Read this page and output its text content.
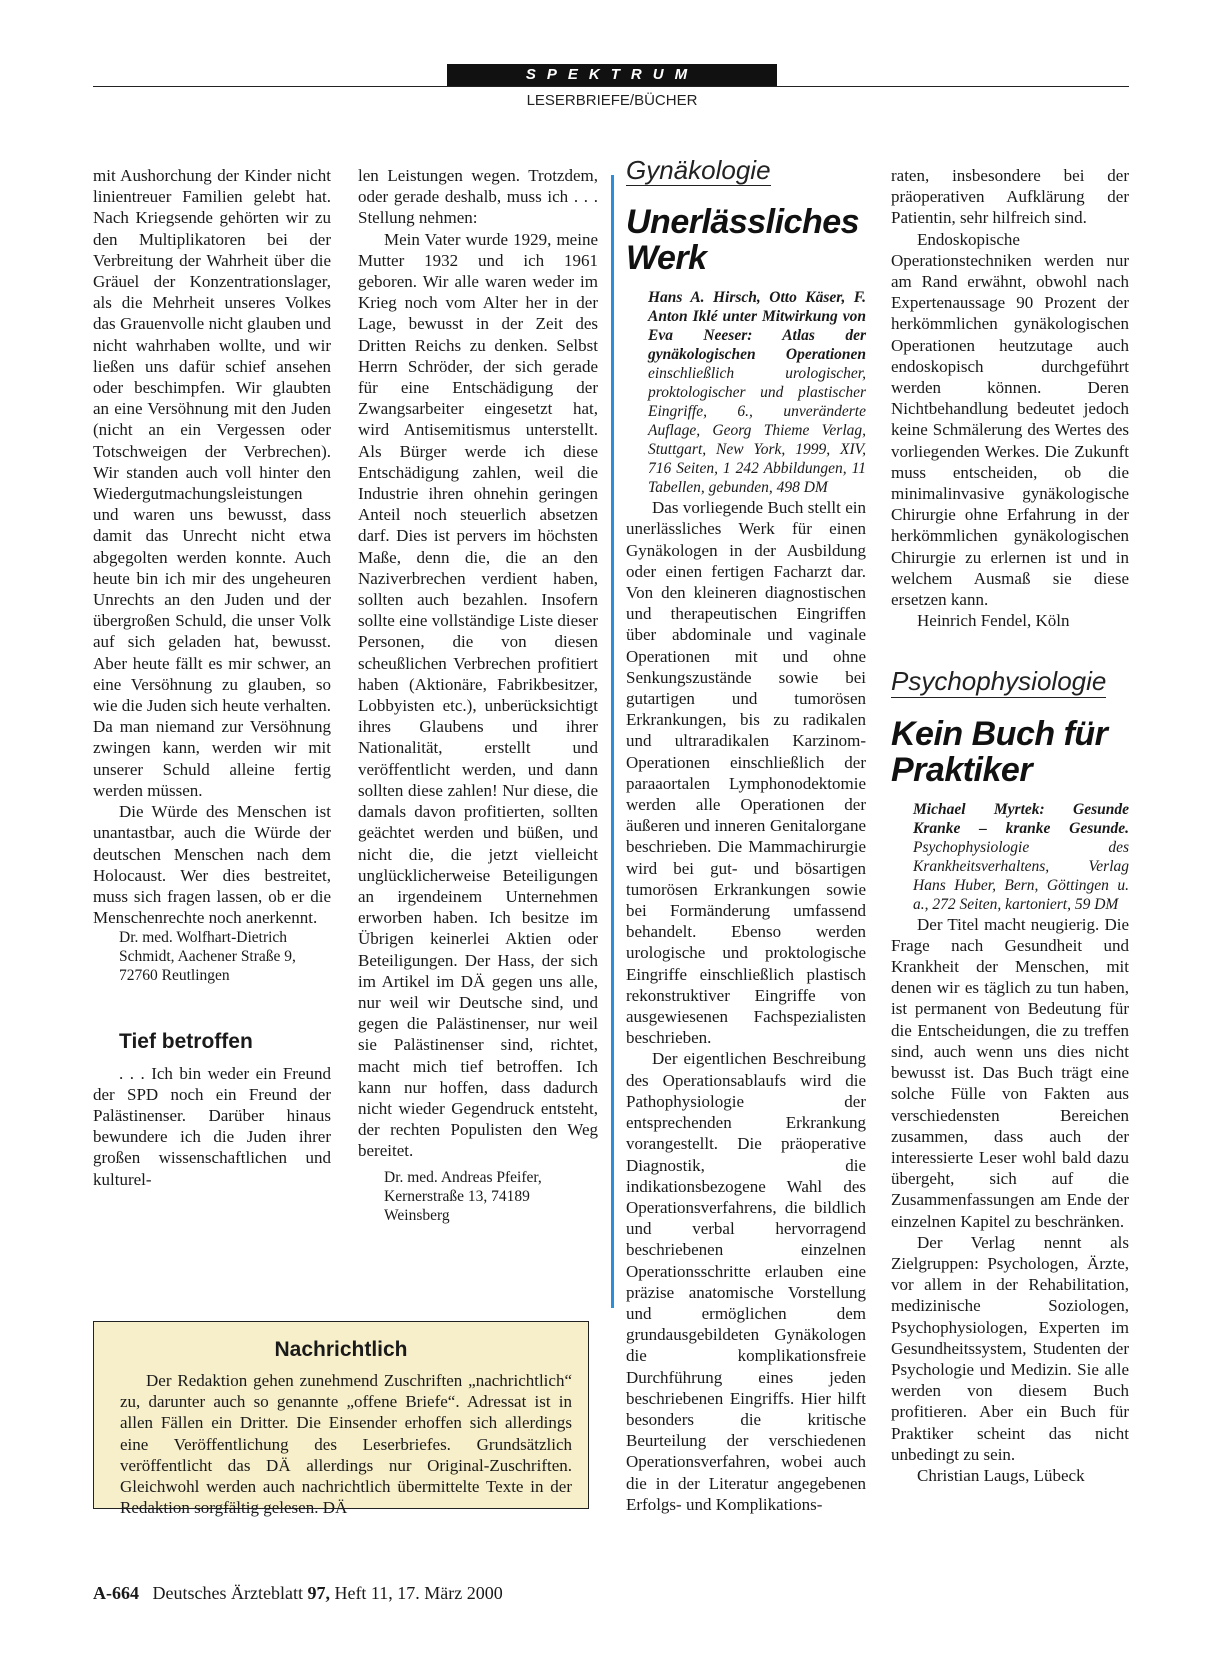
SPEKTRUM
LESERBRIEFE/BÜCHER

mit Aushorchung der Kinder nicht linientreuer Familien gelebt hat. Nach Kriegsende gehörten wir zu den Multiplikatoren bei der Verbreitung der Wahrheit über die Gräuel der Konzentrationslager, als die Mehrheit unseres Volkes das Grauenvolle nicht glauben und nicht wahrhaben wollte, und wir ließen uns dafür schief ansehen oder beschimpfen. Wir glaubten an eine Versöhnung mit den Juden (nicht an ein Vergessen oder Totschweigen der Verbrechen). Wir standen auch voll hinter den Wiedergutmachungsleistungen und waren uns bewusst, dass damit das Unrecht nicht etwa abgegolten werden konnte. Auch heute bin ich mir des ungeheuren Unrechts an den Juden und der übergroßen Schuld, die unser Volk auf sich geladen hat, bewusst. Aber heute fällt es mir schwer, an eine Versöhnung zu glauben, so wie die Juden sich heute verhalten. Da man niemand zur Versöhnung zwingen kann, werden wir mit unserer Schuld alleine fertig werden müssen.

Die Würde des Menschen ist unantastbar, auch die Würde der deutschen Menschen nach dem Holocaust. Wer dies bestreitet, muss sich fragen lassen, ob er die Menschenrechte noch anerkennt.

Dr. med. Wolfhart-Dietrich Schmidt, Aachener Straße 9, 72760 Reutlingen

Tief betroffen

. . . Ich bin weder ein Freund der SPD noch ein Freund der Palästinenser. Darüber hinaus bewundere ich die Juden ihrer großen wissenschaftlichen und kulturel-

len Leistungen wegen. Trotzdem, oder gerade deshalb, muss ich . . . Stellung nehmen:

Mein Vater wurde 1929, meine Mutter 1932 und ich 1961 geboren. Wir alle waren weder im Krieg noch vom Alter her in der Lage, bewusst in der Zeit des Dritten Reichs zu denken. Selbst Herrn Schröder, der sich gerade für eine Entschädigung der Zwangsarbeiter eingesetzt hat, wird Antisemitismus unterstellt. Als Bürger werde ich diese Entschädigung zahlen, weil die Industrie ihren ohnehin geringen Anteil noch steuerlich absetzen darf. Dies ist pervers im höchsten Maße, denn die, die an den Naziverbrechen verdient haben, sollten auch bezahlen. Insofern sollte eine vollständige Liste dieser Personen, die von diesen scheußlichen Verbrechen profitiert haben (Aktionäre, Fabrikbesitzer, Lobbyisten etc.), unberücksichtigt ihres Glaubens und ihrer Nationalität, erstellt und veröffentlicht werden, und dann sollten diese zahlen! Nur diese, die damals davon profitierten, sollten geächtet werden und büßen, und nicht die, die jetzt vielleicht unglücklicherweise Beteiligungen an irgendeinem Unternehmen erworben haben. Ich besitze im Übrigen keinerlei Aktien oder Beteiligungen. Der Hass, der sich im Artikel im DÄ gegen uns alle, nur weil wir Deutsche sind, und gegen die Palästinenser, nur weil sie Palästinenser sind, richtet, macht mich tief betroffen. Ich kann nur hoffen, dass dadurch nicht wieder Gegendruck entsteht, der rechten Populisten den Weg bereitet.

Dr. med. Andreas Pfeifer, Kernerstraße 13, 74189 Weinsberg

Gynäkologie

Unerlässliches Werk

Hans A. Hirsch, Otto Käser, F. Anton Iklé unter Mitwirkung von Eva Neeser: Atlas der gynäkologischen Operationen einschließlich urologischer, proktologischer und plastischer Eingriffe, 6., unveränderte Auflage, Georg Thieme Verlag, Stuttgart, New York, 1999, XIV, 716 Seiten, 1 242 Abbildungen, 11 Tabellen, gebunden, 498 DM

Das vorliegende Buch stellt ein unerlässliches Werk für einen Gynäkologen in der Ausbildung oder einen fertigen Facharzt dar. Von den kleineren diagnostischen und therapeutischen Eingriffen über abdominale und vaginale Operationen mit und ohne Senkungszustände sowie bei gutartigen und tumorösen Erkrankungen, bis zu radikalen und ultraradikalen Karzinom-Operationen einschließlich der paraaortalen Lymphonodektomie werden alle Operationen der äußeren und inneren Genitalorgane beschrieben. Die Mammachirurgie wird bei gut- und bösartigen tumorösen Erkrankungen sowie bei Formänderung umfassend behandelt. Ebenso werden urologische und proktologische Eingriffe einschließlich plastisch rekonstruktiver Eingriffe von ausgewiesenen Fachspezialisten beschrieben.

Der eigentlichen Beschreibung des Operationsablaufs wird die Pathophysiologie der entsprechenden Erkrankung vorangestellt. Die präoperative Diagnostik, die indikationsbezogene Wahl des Operationsverfahrens, die bildlich und verbal hervorragend beschriebenen einzelnen Operationsschritte erlauben eine präzise anatomische Vorstellung und ermöglichen dem grundausgebildeten Gynäkologen die komplikationsfreie Durchführung eines jeden beschriebenen Eingriffs. Hier hilft besonders die kritische Beurteilung der verschiedenen Operationsverfahren, wobei auch die in der Literatur angegebenen Erfolgs- und Komplikations-

raten, insbesondere bei der präoperativen Aufklärung der Patientin, sehr hilfreich sind.

Endoskopische Operationstechniken werden nur am Rand erwähnt, obwohl nach Expertenaussage 90 Prozent der herkömmlichen gynäkologischen Operationen heutzutage auch endoskopisch durchgeführt werden können. Deren Nichtbehandlung bedeutet jedoch keine Schmälerung des Wertes des vorliegenden Werkes. Die Zukunft muss entscheiden, ob die minimalinvasive gynäkologische Chirurgie ohne Erfahrung in der herkömmlichen gynäkologischen Chirurgie zu erlernen ist und in welchem Ausmaß sie diese ersetzen kann.

Heinrich Fendel, Köln

Psychophysiologie

Kein Buch für Praktiker

Michael Myrtek: Gesunde Kranke – kranke Gesunde. Psychophysiologie des Krankheitsverhaltens, Verlag Hans Huber, Bern, Göttingen u. a., 272 Seiten, kartoniert, 59 DM

Der Titel macht neugierig. Die Frage nach Gesundheit und Krankheit der Menschen, mit denen wir es täglich zu tun haben, ist permanent von Bedeutung für die Entscheidungen, die zu treffen sind, auch wenn uns dies nicht bewusst ist. Das Buch trägt eine solche Fülle von Fakten aus verschiedensten Bereichen zusammen, dass auch der interessierte Leser wohl bald dazu übergeht, sich auf die Zusammenfassungen am Ende der einzelnen Kapitel zu beschränken.

Der Verlag nennt als Zielgruppen: Psychologen, Ärzte, vor allem in der Rehabilitation, medizinische Soziologen, Psychophysiologen, Experten im Gesundheitssystem, Studenten der Psychologie und Medizin. Sie alle werden von diesem Buch profitieren. Aber ein Buch für Praktiker scheint das nicht unbedingt zu sein.

Christian Laugs, Lübeck

Nachrichtlich

Der Redaktion gehen zunehmend Zuschriften „nachrichtlich“ zu, darunter auch so genannte „offene Briefe“. Adressat ist in allen Fällen ein Dritter. Die Einsender erhoffen sich allerdings eine Veröffentlichung des Leserbriefes. Grundsätzlich veröffentlicht das DÄ allerdings nur Original-Zuschriften. Gleichwohl werden auch nachrichtlich übermittelte Texte in der Redaktion sorgfältig gelesen. DÄ

A-664 Deutsches Ärzteblatt 97, Heft 11, 17. März 2000
